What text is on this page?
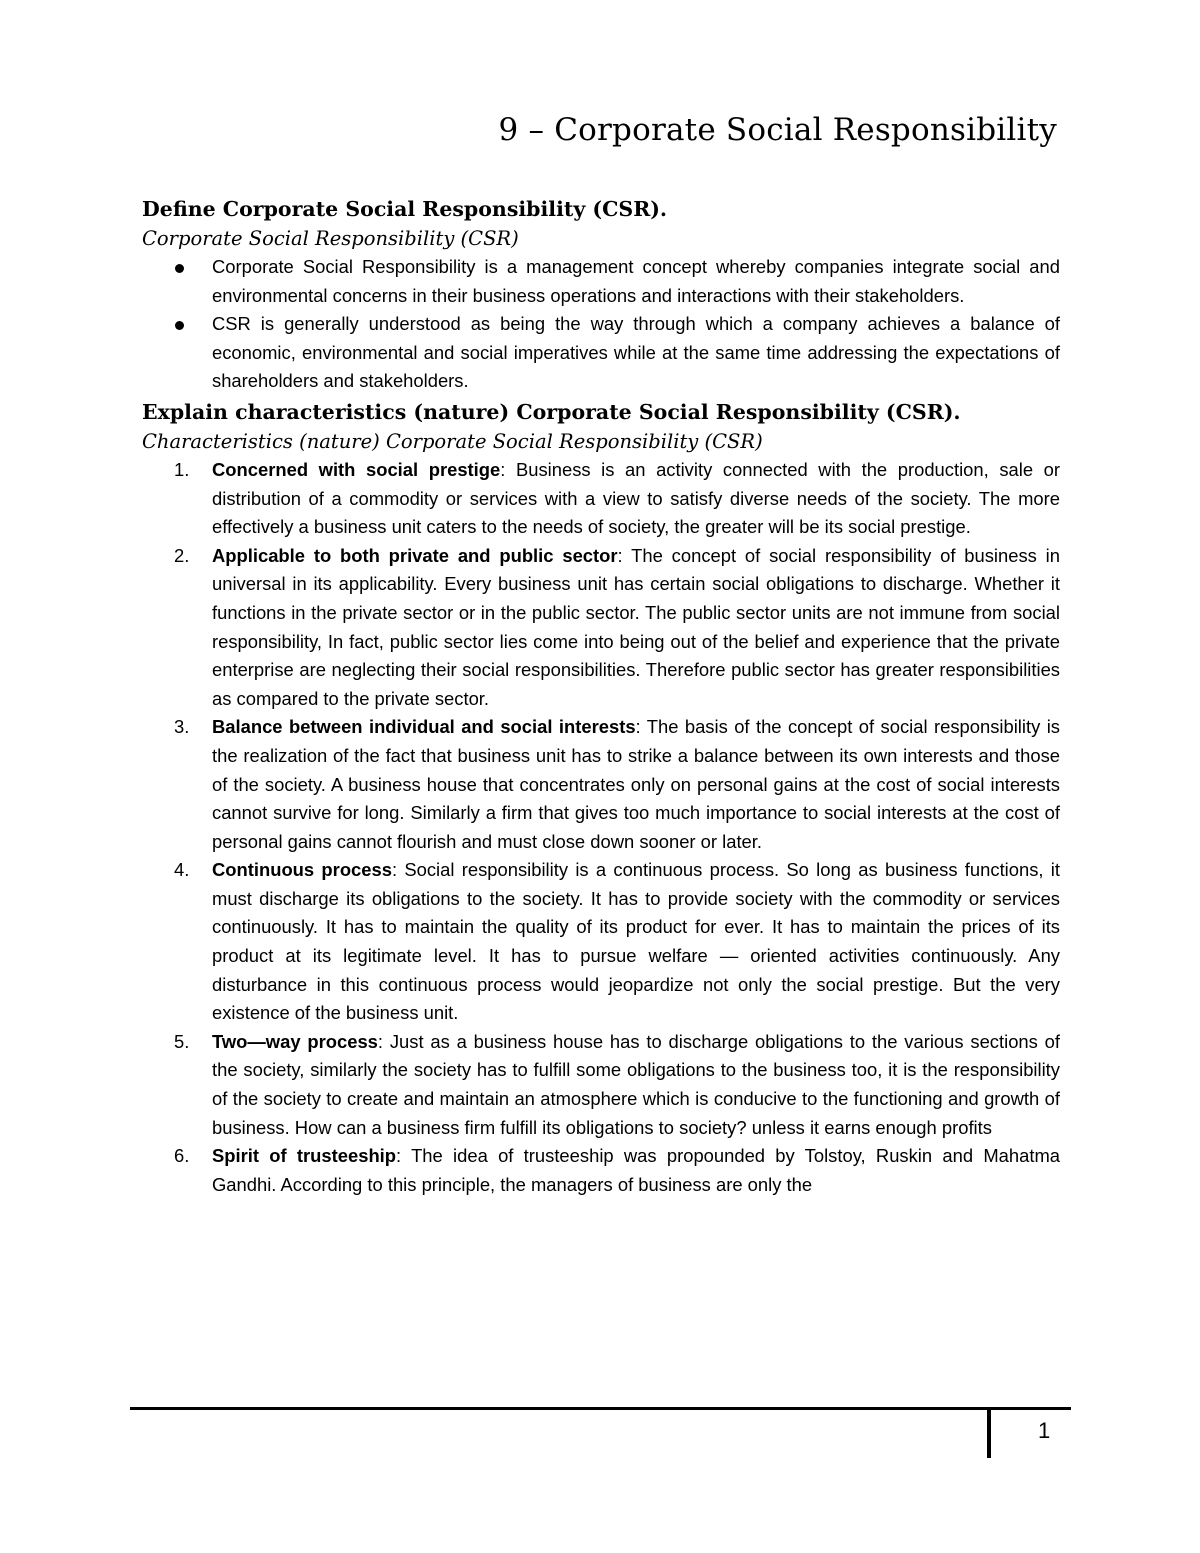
9 – Corporate Social Responsibility
Define Corporate Social Responsibility (CSR).
Corporate Social Responsibility (CSR)
Corporate Social Responsibility is a management concept whereby companies integrate social and environmental concerns in their business operations and interactions with their stakeholders.
CSR is generally understood as being the way through which a company achieves a balance of economic, environmental and social imperatives while at the same time addressing the expectations of shareholders and stakeholders.
Explain characteristics (nature) Corporate Social Responsibility (CSR).
Characteristics (nature) Corporate Social Responsibility (CSR)
1. Concerned with social prestige: Business is an activity connected with the production, sale or distribution of a commodity or services with a view to satisfy diverse needs of the society. The more effectively a business unit caters to the needs of society, the greater will be its social prestige.
2. Applicable to both private and public sector: The concept of social responsibility of business in universal in its applicability. Every business unit has certain social obligations to discharge. Whether it functions in the private sector or in the public sector. The public sector units are not immune from social responsibility, In fact, public sector lies come into being out of the belief and experience that the private enterprise are neglecting their social responsibilities. Therefore public sector has greater responsibilities as compared to the private sector.
3. Balance between individual and social interests: The basis of the concept of social responsibility is the realization of the fact that business unit has to strike a balance between its own interests and those of the society. A business house that concentrates only on personal gains at the cost of social interests cannot survive for long. Similarly a firm that gives too much importance to social interests at the cost of personal gains cannot flourish and must close down sooner or later.
4. Continuous process: Social responsibility is a continuous process. So long as business functions, it must discharge its obligations to the society. It has to provide society with the commodity or services continuously. It has to maintain the quality of its product for ever. It has to maintain the prices of its product at its legitimate level. It has to pursue welfare — oriented activities continuously. Any disturbance in this continuous process would jeopardize not only the social prestige. But the very existence of the business unit.
5. Two—way process: Just as a business house has to discharge obligations to the various sections of the society, similarly the society has to fulfill some obligations to the business too, it is the responsibility of the society to create and maintain an atmosphere which is conducive to the functioning and growth of business. How can a business firm fulfill its obligations to society? unless it earns enough profits
6. Spirit of trusteeship: The idea of trusteeship was propounded by Tolstoy, Ruskin and Mahatma Gandhi. According to this principle, the managers of business are only the
1
